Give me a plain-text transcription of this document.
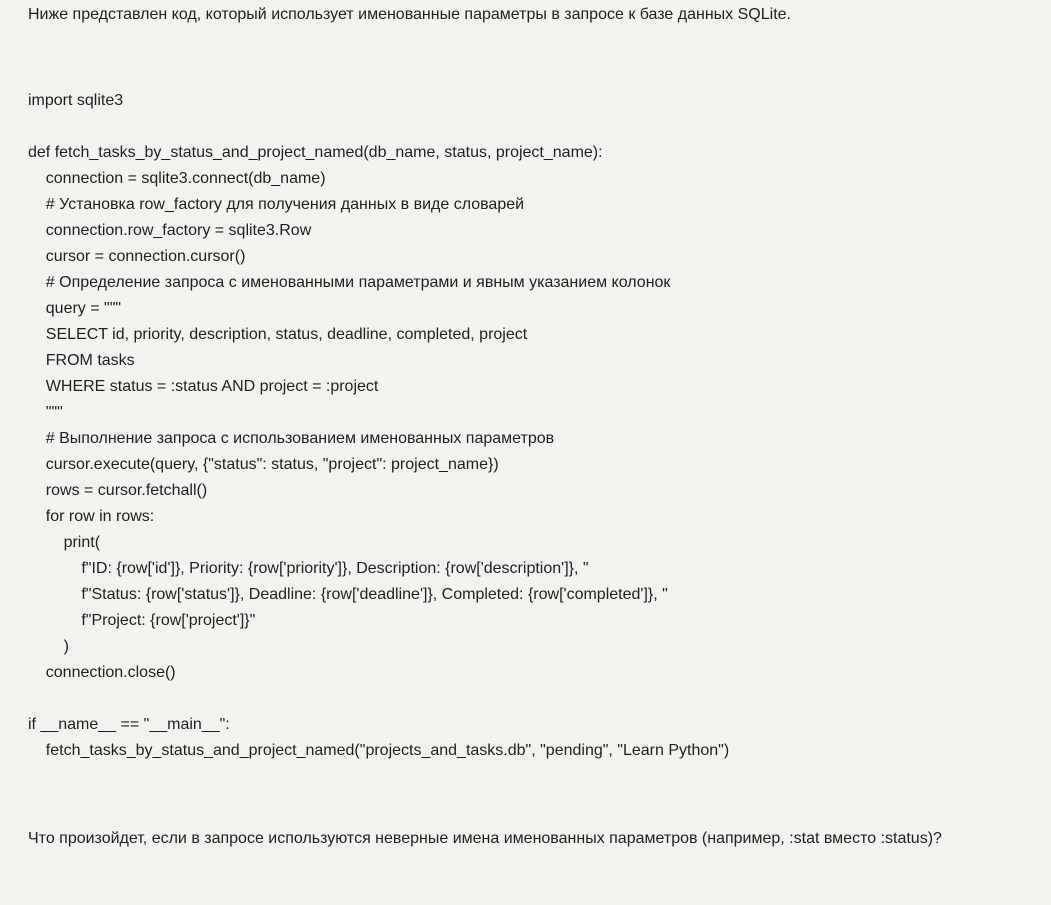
Ниже представлен код, который использует именованные параметры в запросе к базе данных SQLite.

import sqlite3
def fetch_tasks_by_status_and_project_named(db_name, status, project_name):
connection = sqlite3.connect(db_name)
# Установка row_factory для получения данных в виде словарей
connection.row_factory = sqlite3.Row
cursor = connection.cursor()
# Определение запроса с именованными параметрами и явным указанием колонок
query = """
SELECT id, priority, description, status, deadline, completed, project
FROM tasks
WHERE status = :status AND project = :project
"""
# Выполнение запроса с использованием именованных параметров
cursor.execute(query, {"status": status, "project": project_name})
rows = cursor.fetchall()
for row in rows:
print(
f"ID: {row['id']}, Priority: {row['priority']}, Description: {row['description']}, "
f"Status: {row['status']}, Deadline: {row['deadline']}, Completed: {row['completed']}, "
f"Project: {row['project']}"
)
connection.close()
if __name__ == "__main__":
fetch_tasks_by_status_and_project_named("projects_and_tasks.db", "pending", "Learn Python")

Что произойдет, если в запросе используются неверные имена именованных параметров (например, :stat вместо :status)?
